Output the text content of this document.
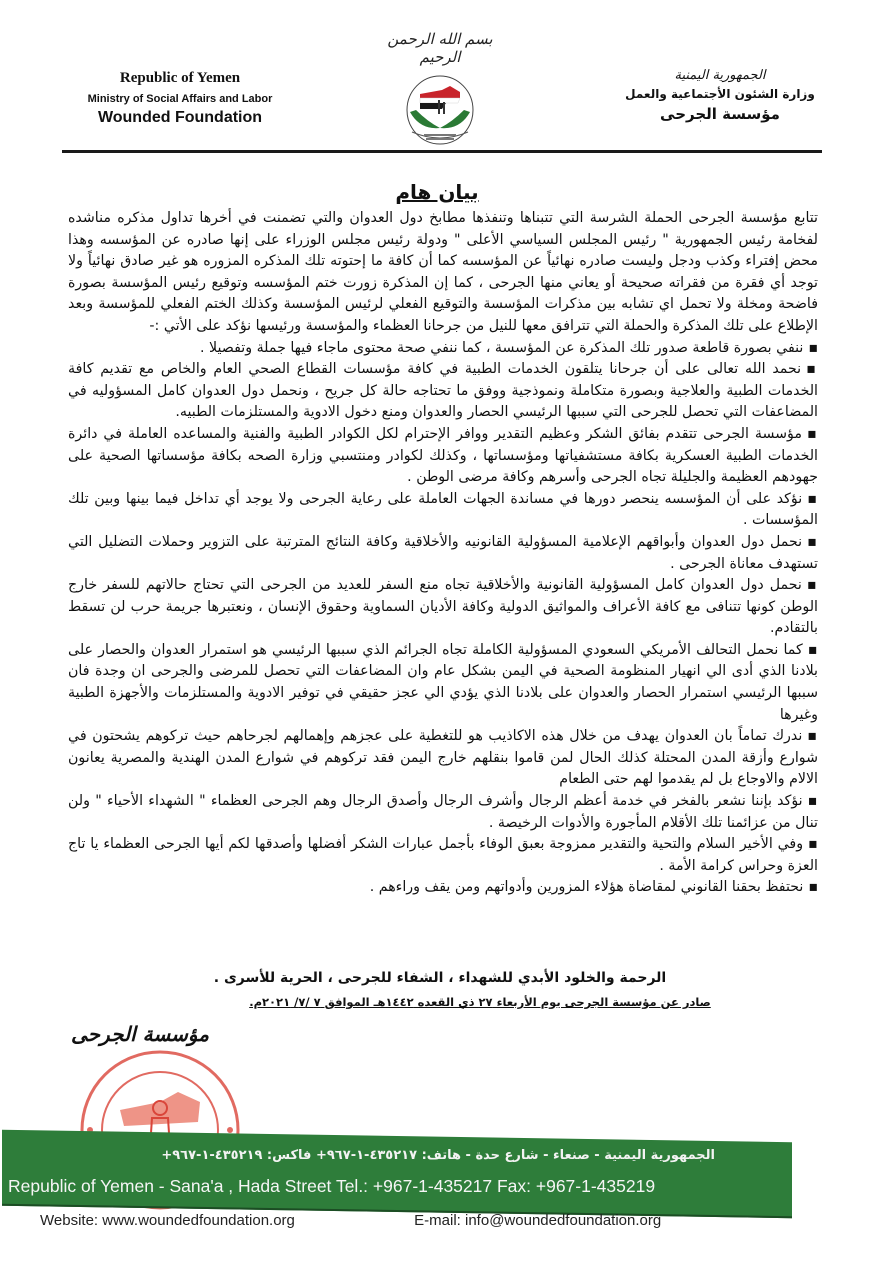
بسم الله الرحمن الرحيم
Republic of Yemen
Ministry of Social Affairs and Labor
Wounded Foundation
الجمهورية اليمنية
وزارة الشئون الأجتماعية والعمل
مؤسسة الجرحى
بيان هام

تتابع مؤسسة الجرحى الحملة الشرسة التي تتبناها وتنفذها مطابخ دول العدوان والتي تضمنت في أخرها تداول مذكره مناشده لفخامة رئيس الجمهورية " رئيس المجلس السياسي الأعلى " ودولة رئيس مجلس الوزراء على إنها صادره عن المؤسسه وهذا محض إفتراء وكذب ودجل وليست صادره نهائياً عن المؤسسه كما أن كافة ما إحتوته تلك المذكره المزوره هو غير صادق نهائياً ولا توجد أي فقرة من فقراته صحيحة أو يعاني منها الجرحى ، كما إن المذكرة زورت ختم المؤسسه وتوقيع رئيس المؤسسة بصورة فاضحة ومخلة ولا تحمل اي تشابه بين مذكرات المؤسسة والتوقيع الفعلي لرئيس المؤسسة وكذلك الختم الفعلي للمؤسسة وبعد الإطلاع على تلك المذكرة والحملة التي تترافق معها للنيل من جرحانا العظماء والمؤسسة ورئيسها نؤكد على الأتي :-

▪ ننفي بصورة قاطعة صدور تلك المذكرة عن المؤسسة ، كما ننفي صحة محتوى ماجاء فيها جملة وتفصيلا .

▪ نحمد الله تعالى على أن جرحانا يتلقون الخدمات الطبية في كافة مؤسسات القطاع الصحي العام والخاص مع تقديم كافة الخدمات الطبية والعلاجية وبصورة متكاملة ونموذجية ووفق ما تحتاجه حالة كل جريح ، ونحمل دول العدوان كامل المسؤوليه في المضاعفات التي تحصل للجرحى التي سببها الرئيسي الحصار والعدوان ومنع دخول الادوية والمستلزمات الطبيه.

▪ مؤسسة الجرحى تتقدم بفائق الشكر وعظيم التقدير ووافر الإحترام لكل الكوادر الطبية والفنية والمساعده العاملة في دائرة الخدمات الطبية العسكرية بكافة مستشفياتها ومؤسساتها ، وكذلك لكوادر ومنتسبي وزارة الصحه بكافة مؤسساتها الصحية على جهودهم العظيمة والجليلة تجاه الجرحى وأسرهم وكافة مرضى الوطن .

▪ نؤكد على أن المؤسسه ينحصر دورها في مساندة الجهات العاملة على رعاية الجرحى ولا يوجد أي تداخل فيما بينها وبين تلك المؤسسات .

▪ نحمل دول العدوان وأبواقهم الإعلامية المسؤولية القانونيه والأخلاقية وكافة النتائج المترتبة على التزوير وحملات التضليل التي تستهدف معاناة الجرحى .

▪ نحمل دول العدوان كامل المسؤولية القانونية والأخلاقية تجاه منع السفر للعديد من الجرحى التي تحتاج حالاتهم للسفر خارج الوطن كونها تتنافى مع كافة الأعراف والمواثيق الدولية وكافة الأديان السماوية وحقوق الإنسان ، ونعتبرها جريمة حرب لن تسقط بالتقادم.

▪ كما نحمل التحالف الأمريكي السعودي المسؤولية الكاملة تجاه الجرائم الذي سببها الرئيسي هو استمرار العدوان والحصار على بلادنا الذي أدى الي انهيار المنظومة الصحية في اليمن بشكل عام وان المضاعفات التي تحصل للمرضى والجرحى ان وجدة فان سببها الرئيسي استمرار الحصار والعدوان على بلادنا الذي يؤدي الي عجز حقيقي في توفير الادوية والمستلزمات والأجهزة الطبية وغيرها

▪ ندرك تماماً بان العدوان يهدف من خلال هذه الاكاذيب هو للتغطية على عجزهم وإهمالهم لجرحاهم حيث تركوهم يشحتون في شوارع وأزقة المدن المحتلة كذلك الحال لمن قاموا بنقلهم خارج اليمن فقد تركوهم في شوارع المدن الهندية والمصرية يعانون الالام والاوجاع بل لم يقدموا لهم حتى الطعام

▪ نؤكد بإننا نشعر بالفخر في خدمة أعظم الرجال وأشرف الرجال وأصدق الرجال وهم الجرحى العظماء " الشهداء الأحياء " ولن تنال من عزائمنا تلك الأقلام المأجورة والأدوات الرخيصة .

▪ وفي الأخير السلام والتحية والتقدير ممزوجة بعبق الوفاء بأجمل عبارات الشكر أفضلها وأصدقها لكم أيها الجرحى العظماء يا تاج العزة وحراس كرامة الأمة .

▪ نحتفظ بحقنا القانوني لمقاضاة هؤلاء المزورين وأدواتهم ومن يقف وراءهم .

الرحمة والخلود الأبدي للشهداء ، الشفاء للجرحى ، الحرية للأسرى .
صادر عن مؤسسة الجرحى يوم الأربعاء ٢٧ ذي القعده ١٤٤٢هـ الموافق ٧ /٧/ ٢٠٢١م.
مؤسسة الجرحى
الجمهورية اليمنية - صنعاء - شارع حدة - هاتف: ٤٣٥٢١٧-١-٩٦٧+ فاكس: ٤٣٥٢١٩-١-٩٦٧+
Republic of Yemen - Sana'a , Hada Street Tel.: +967-1-435217 Fax: +967-1-435219
Website: www.woundedfoundation.org	E-mail: info@woundedfoundation.org
